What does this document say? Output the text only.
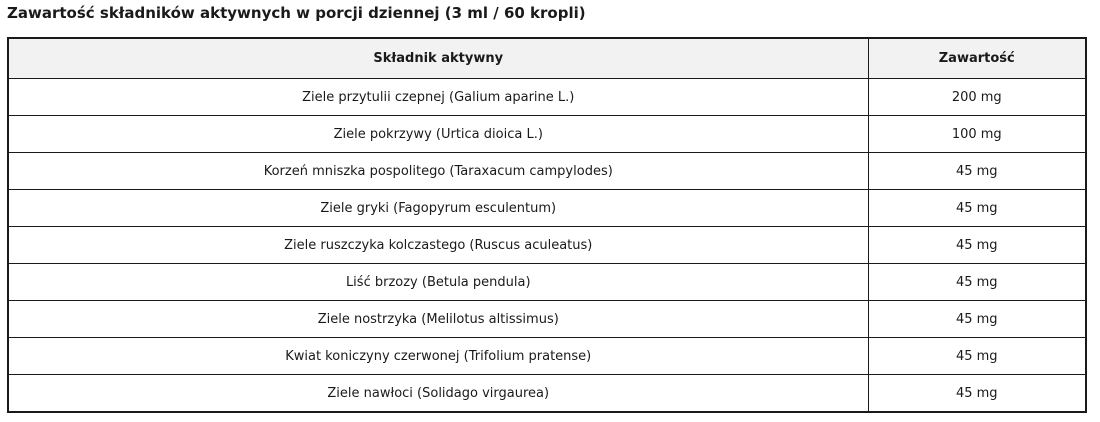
Zawartość składników aktywnych w porcji dziennej (3 ml / 60 kropli)
Składnik aktywny	Zawartość
Ziele przytulii czepnej (Galium aparine L.)	200 mg
Ziele pokrzywy (Urtica dioica L.)	100 mg
Korzeń mniszka pospolitego (Taraxacum campylodes)	45 mg
Ziele gryki (Fagopyrum esculentum)	45 mg
Ziele ruszczyka kolczastego (Ruscus aculeatus)	45 mg
Liść brzozy (Betula pendula)	45 mg
Ziele nostrzyka (Melilotus altissimus)	45 mg
Kwiat koniczyny czerwonej (Trifolium pratense)	45 mg
Ziele nawłoci (Solidago virgaurea)	45 mg
